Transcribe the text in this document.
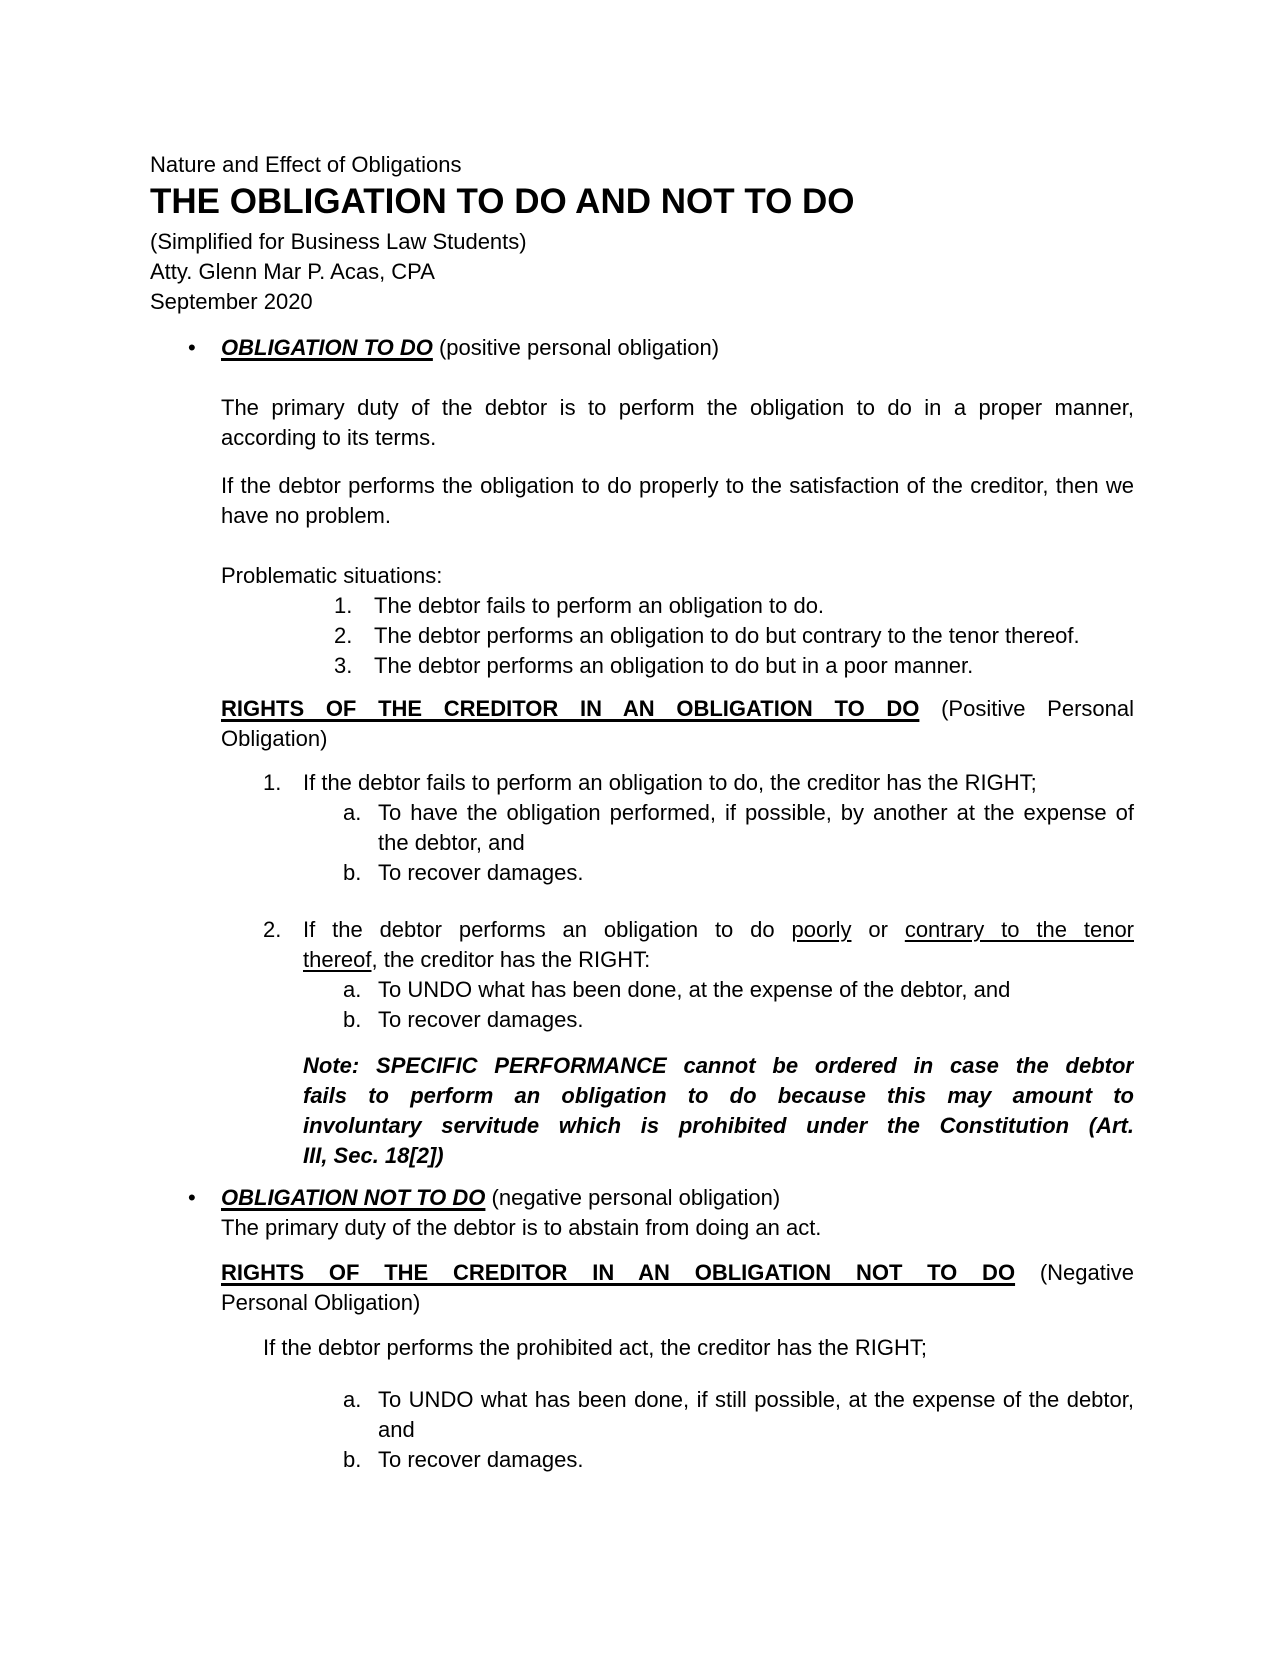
Nature and Effect of Obligations
THE OBLIGATION TO DO AND NOT TO DO
(Simplified for Business Law Students)
Atty. Glenn Mar P. Acas, CPA
September 2020
• OBLIGATION TO DO (positive personal obligation)
The primary duty of the debtor is to perform the obligation to do in a proper manner, according to its terms.
If the debtor performs the obligation to do properly to the satisfaction of the creditor, then we have no problem.
Problematic situations:
1. The debtor fails to perform an obligation to do.
2. The debtor performs an obligation to do but contrary to the tenor thereof.
3. The debtor performs an obligation to do but in a poor manner.
RIGHTS OF THE CREDITOR IN AN OBLIGATION TO DO (Positive Personal
Obligation)
1. If the debtor fails to perform an obligation to do, the creditor has the RIGHT;
a. To have the obligation performed, if possible, by another at the expense of the debtor, and
b. To recover damages.
2. If the debtor performs an obligation to do poorly or contrary to the tenor
thereof, the creditor has the RIGHT:
a. To UNDO what has been done, at the expense of the debtor, and
b. To recover damages.
Note: SPECIFIC PERFORMANCE cannot be ordered in case the debtor
fails to perform an obligation to do because this may amount to
involuntary servitude which is prohibited under the Constitution (Art.
III, Sec. 18[2])
• OBLIGATION NOT TO DO (negative personal obligation)
The primary duty of the debtor is to abstain from doing an act.
RIGHTS OF THE CREDITOR IN AN OBLIGATION NOT TO DO (Negative
Personal Obligation)
If the debtor performs the prohibited act, the creditor has the RIGHT;
a. To UNDO what has been done, if still possible, at the expense of the debtor, and
b. To recover damages.
